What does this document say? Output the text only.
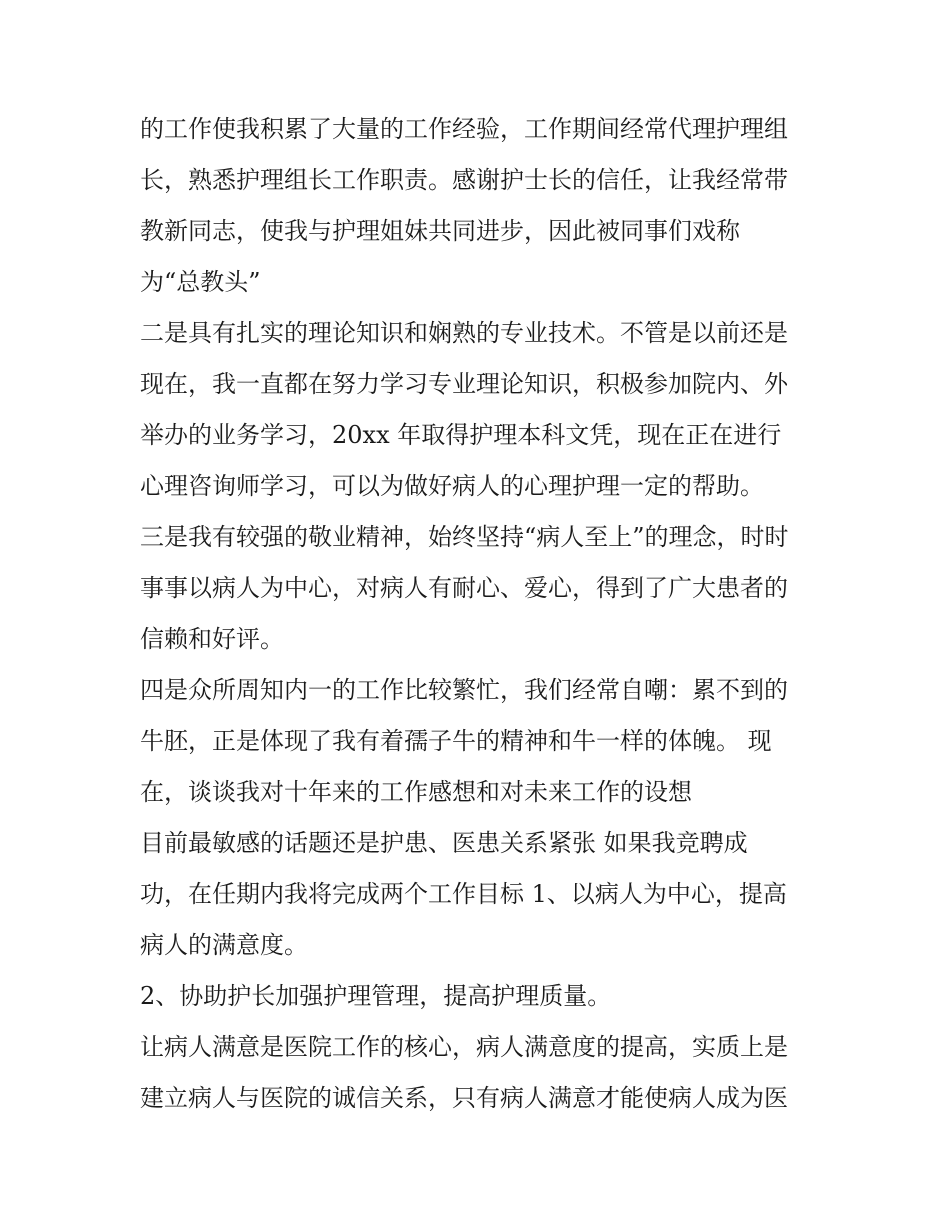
的工作使我积累了大量的工作经验，工作期间经常代理护理组

长，熟悉护理组长工作职责。感谢护士长的信任，让我经常带

教新同志，使我与护理姐妹共同进步，因此被同事们戏称

为“总教头”

二是具有扎实的理论知识和娴熟的专业技术。不管是以前还是

现在，我一直都在努力学习专业理论知识，积极参加院内、外

举办的业务学习，20xx 年取得护理本科文凭，现在正在进行

心理咨询师学习，可以为做好病人的心理护理一定的帮助。

三是我有较强的敬业精神，始终坚持“病人至上”的理念，时时

事事以病人为中心，对病人有耐心、爱心，得到了广大患者的

信赖和好评。

四是众所周知内一的工作比较繁忙，我们经常自嘲：累不到的

牛胚，正是体现了我有着孺子牛的精神和牛一样的体魄。 现

在，谈谈我对十年来的工作感想和对未来工作的设想

目前最敏感的话题还是护患、医患关系紧张 如果我竞聘成

功，在任期内我将完成两个工作目标 1、以病人为中心，提高

病人的满意度。

2、协助护长加强护理管理，提高护理质量。

让病人满意是医院工作的核心，病人满意度的提高，实质上是

建立病人与医院的诚信关系，只有病人满意才能使病人成为医
